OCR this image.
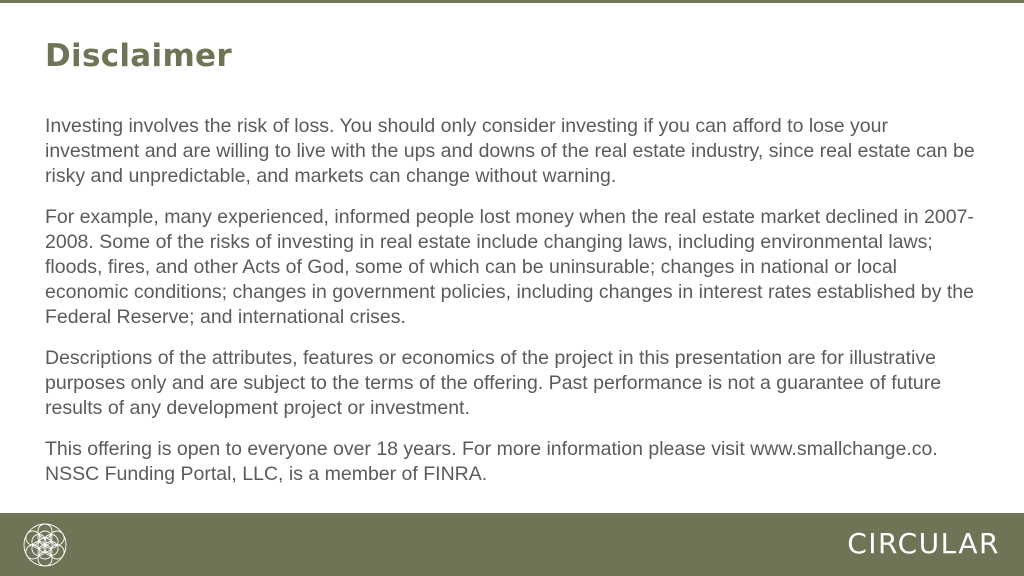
Disclaimer

Investing involves the risk of loss. You should only consider investing if you can afford to lose your investment and are willing to live with the ups and downs of the real estate industry, since real estate can be risky and unpredictable, and markets can change without warning.

For example, many experienced, informed people lost money when the real estate market declined in 2007-2008. Some of the risks of investing in real estate include changing laws, including environmental laws; floods, fires, and other Acts of God, some of which can be uninsurable; changes in national or local economic conditions; changes in government policies, including changes in interest rates established by the Federal Reserve; and international crises.

Descriptions of the attributes, features or economics of the project in this presentation are for illustrative purposes only and are subject to the terms of the offering. Past performance is not a guarantee of future results of any development project or investment.

This offering is open to everyone over 18 years. For more information please visit www.smallchange.co. NSSC Funding Portal, LLC, is a member of FINRA.

CIRCULAR
